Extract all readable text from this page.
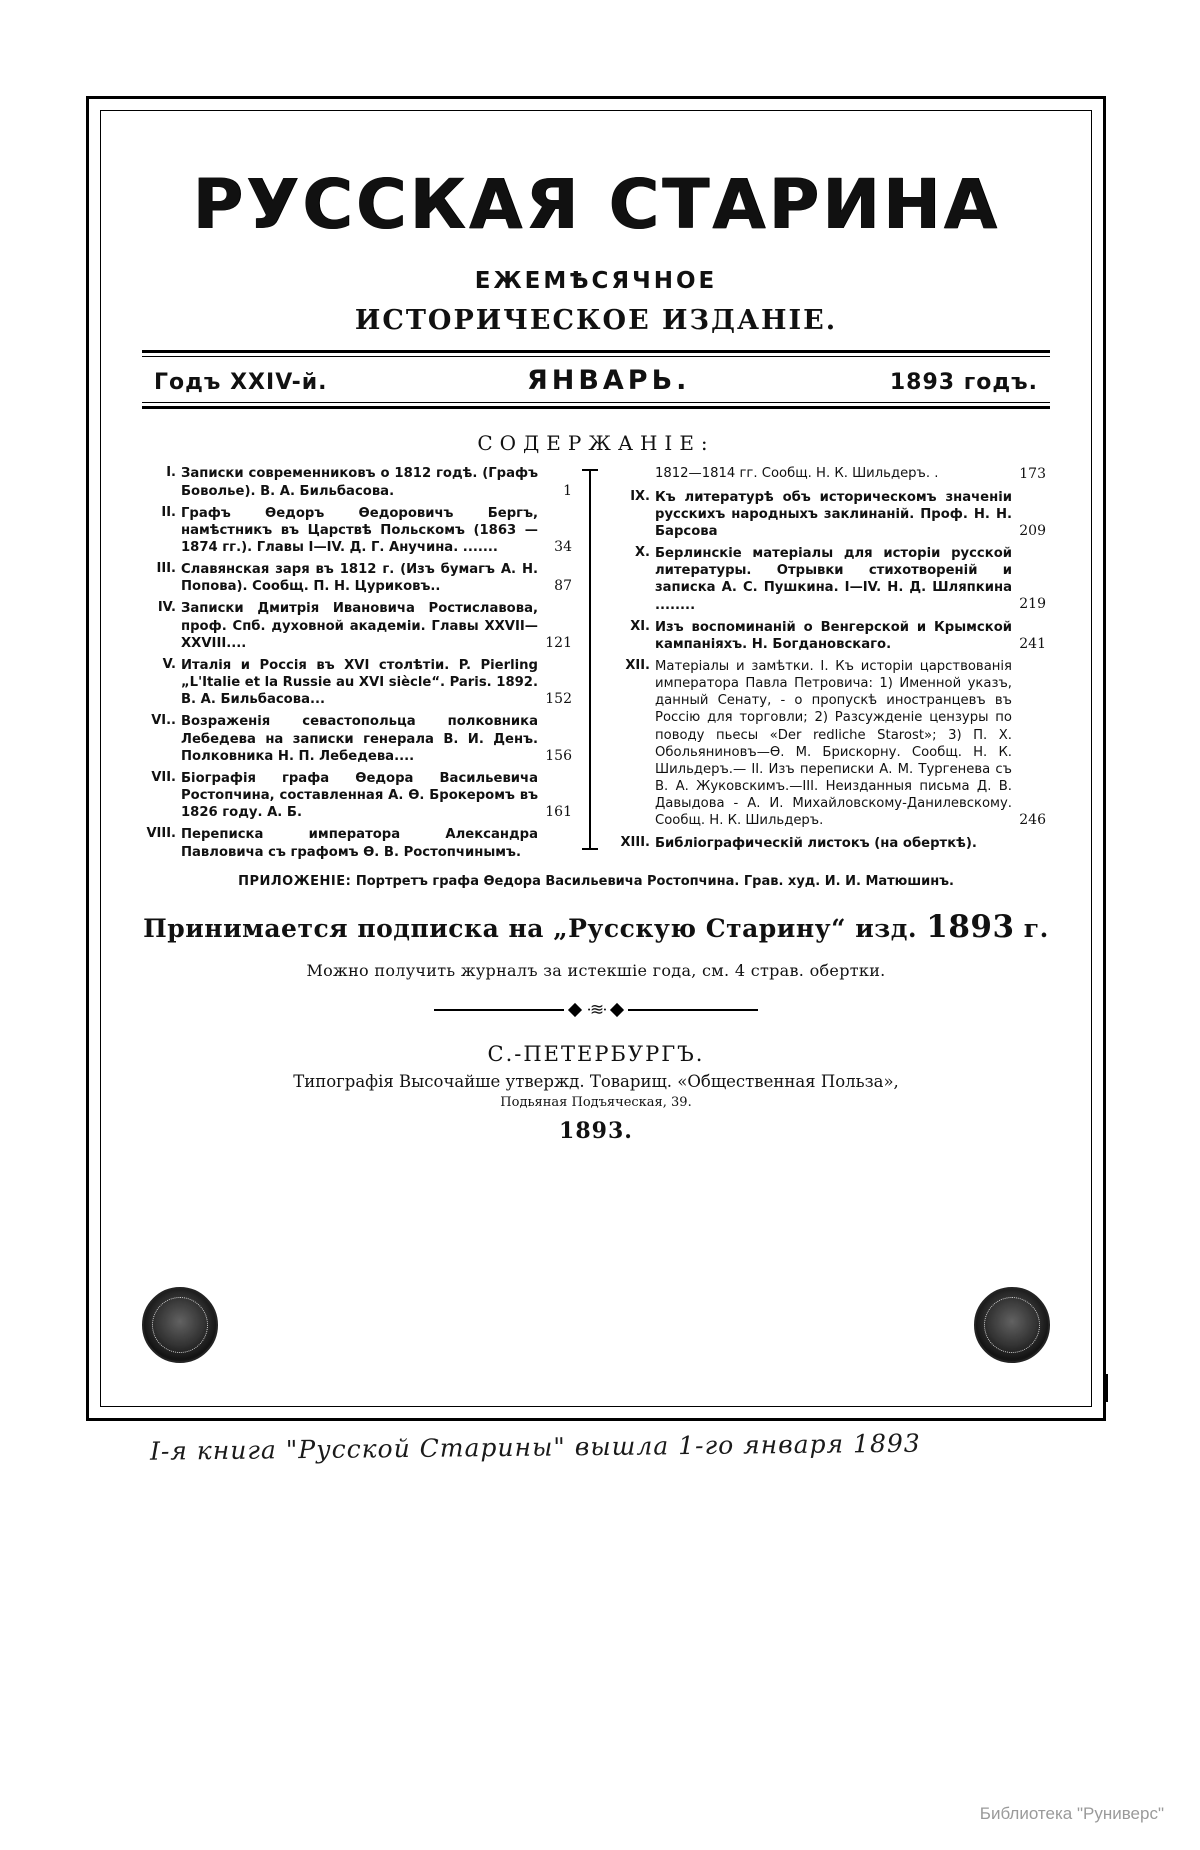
РУССКАЯ СТАРИНА
ЕЖЕМѢСЯЧНОЕ
ИСТОРИЧЕСКОЕ ИЗДАНІЕ.
Годъ XXIV-й.	ЯНВАРЬ.	1893 годъ.
СОДЕРЖАНІЕ:
I. Записки современниковъ о 1812 годѣ. (Графъ Боволье). В. А. Бильбасова.	1
II. Графъ Ѳедоръ Ѳедоровичъ Бергъ, намѣстникъ въ Царствѣ Польскомъ (1863 — 1874 гг.). Главы I—IV. Д. Г. Анучина. .......	34
III. Славянская заря въ 1812 г. (Изъ бумагъ А. Н. Попова). Сообщ. П. Н. Цуриковъ..	87
IV. Записки Дмитрія Ивановича Ростиславова, проф. Спб. духовной академіи. Главы XXVII—XXVIII....	121
V. Италія и Россія въ XVI столѣтіи. P. Pierling „L'Italie et la Russie au XVI siècle“. Paris. 1892. В. А. Бильбасова...	152
VI.. Возраженія севастопольца полковника Лебедева на записки генерала В. И. Денъ. Полковника Н. П. Лебедева....	156
VII. Біографія графа Ѳедора Васильевича Ростопчина, составленная А. Ѳ. Брокеромъ въ 1826 году. А. Б.	161
VIII. Переписка императора Александра Павловича съ графомъ Ѳ. В. Ростопчинымъ.
1812—1814 гг. Сообщ. Н. К. Шильдеръ. .	173
IX. Къ литературѣ объ историческомъ значеніи русскихъ народныхъ заклинаній. Проф. Н. Н. Барсова	209
X. Берлинскіе матеріалы для исторіи русской литературы. Отрывки стихотвореній и записка А. С. Пушкина. I—IV. Н. Д. Шляпкина ........	219
XI. Изъ воспоминаній о Венгерской и Крымской кампаніяхъ. Н. Богдановскаго.	241
XII. Матеріалы и замѣтки. I. Къ исторіи царствованія императора Павла Петровича: 1) Именной указъ, данный Сенату, - о пропускѣ иностранцевъ въ Россію для торговли; 2) Разсужденіе цензуры по поводу пьесы «Der redliche Starost»; 3) П. Х. Обольяниновъ—Ѳ. М. Брискорну. Сообщ. Н. К. Шильдеръ.— II. Изъ переписки А. М. Тургенева съ В. А. Жуковскимъ.—III. Неизданныя письма Д. В. Давыдова - А. И. Михайловскому-Данилевскому. Сообщ. Н. К. Шильдеръ.	246
XIII. Библіографическій листокъ (на оберткѣ).
ПРИЛОЖЕНІЕ: Портретъ графа Ѳедора Васильевича Ростопчина. Грав. худ. И. И. Матюшинъ.
Принимается подписка на „Русскую Старину“ изд. 1893 г.
Можно получить журналъ за истекшіе года, см. 4 страв. обертки.
·≋·
С.-ПЕТЕРБУРГЪ.
Типографія Высочайше утвержд. Товарищ. «Общественная Польза»,
Подьяная Подъяческая, 39.
1893.
I-я книга "Русской Старины" вышла 1-го января 1893
Библиотека "Руниверс"
